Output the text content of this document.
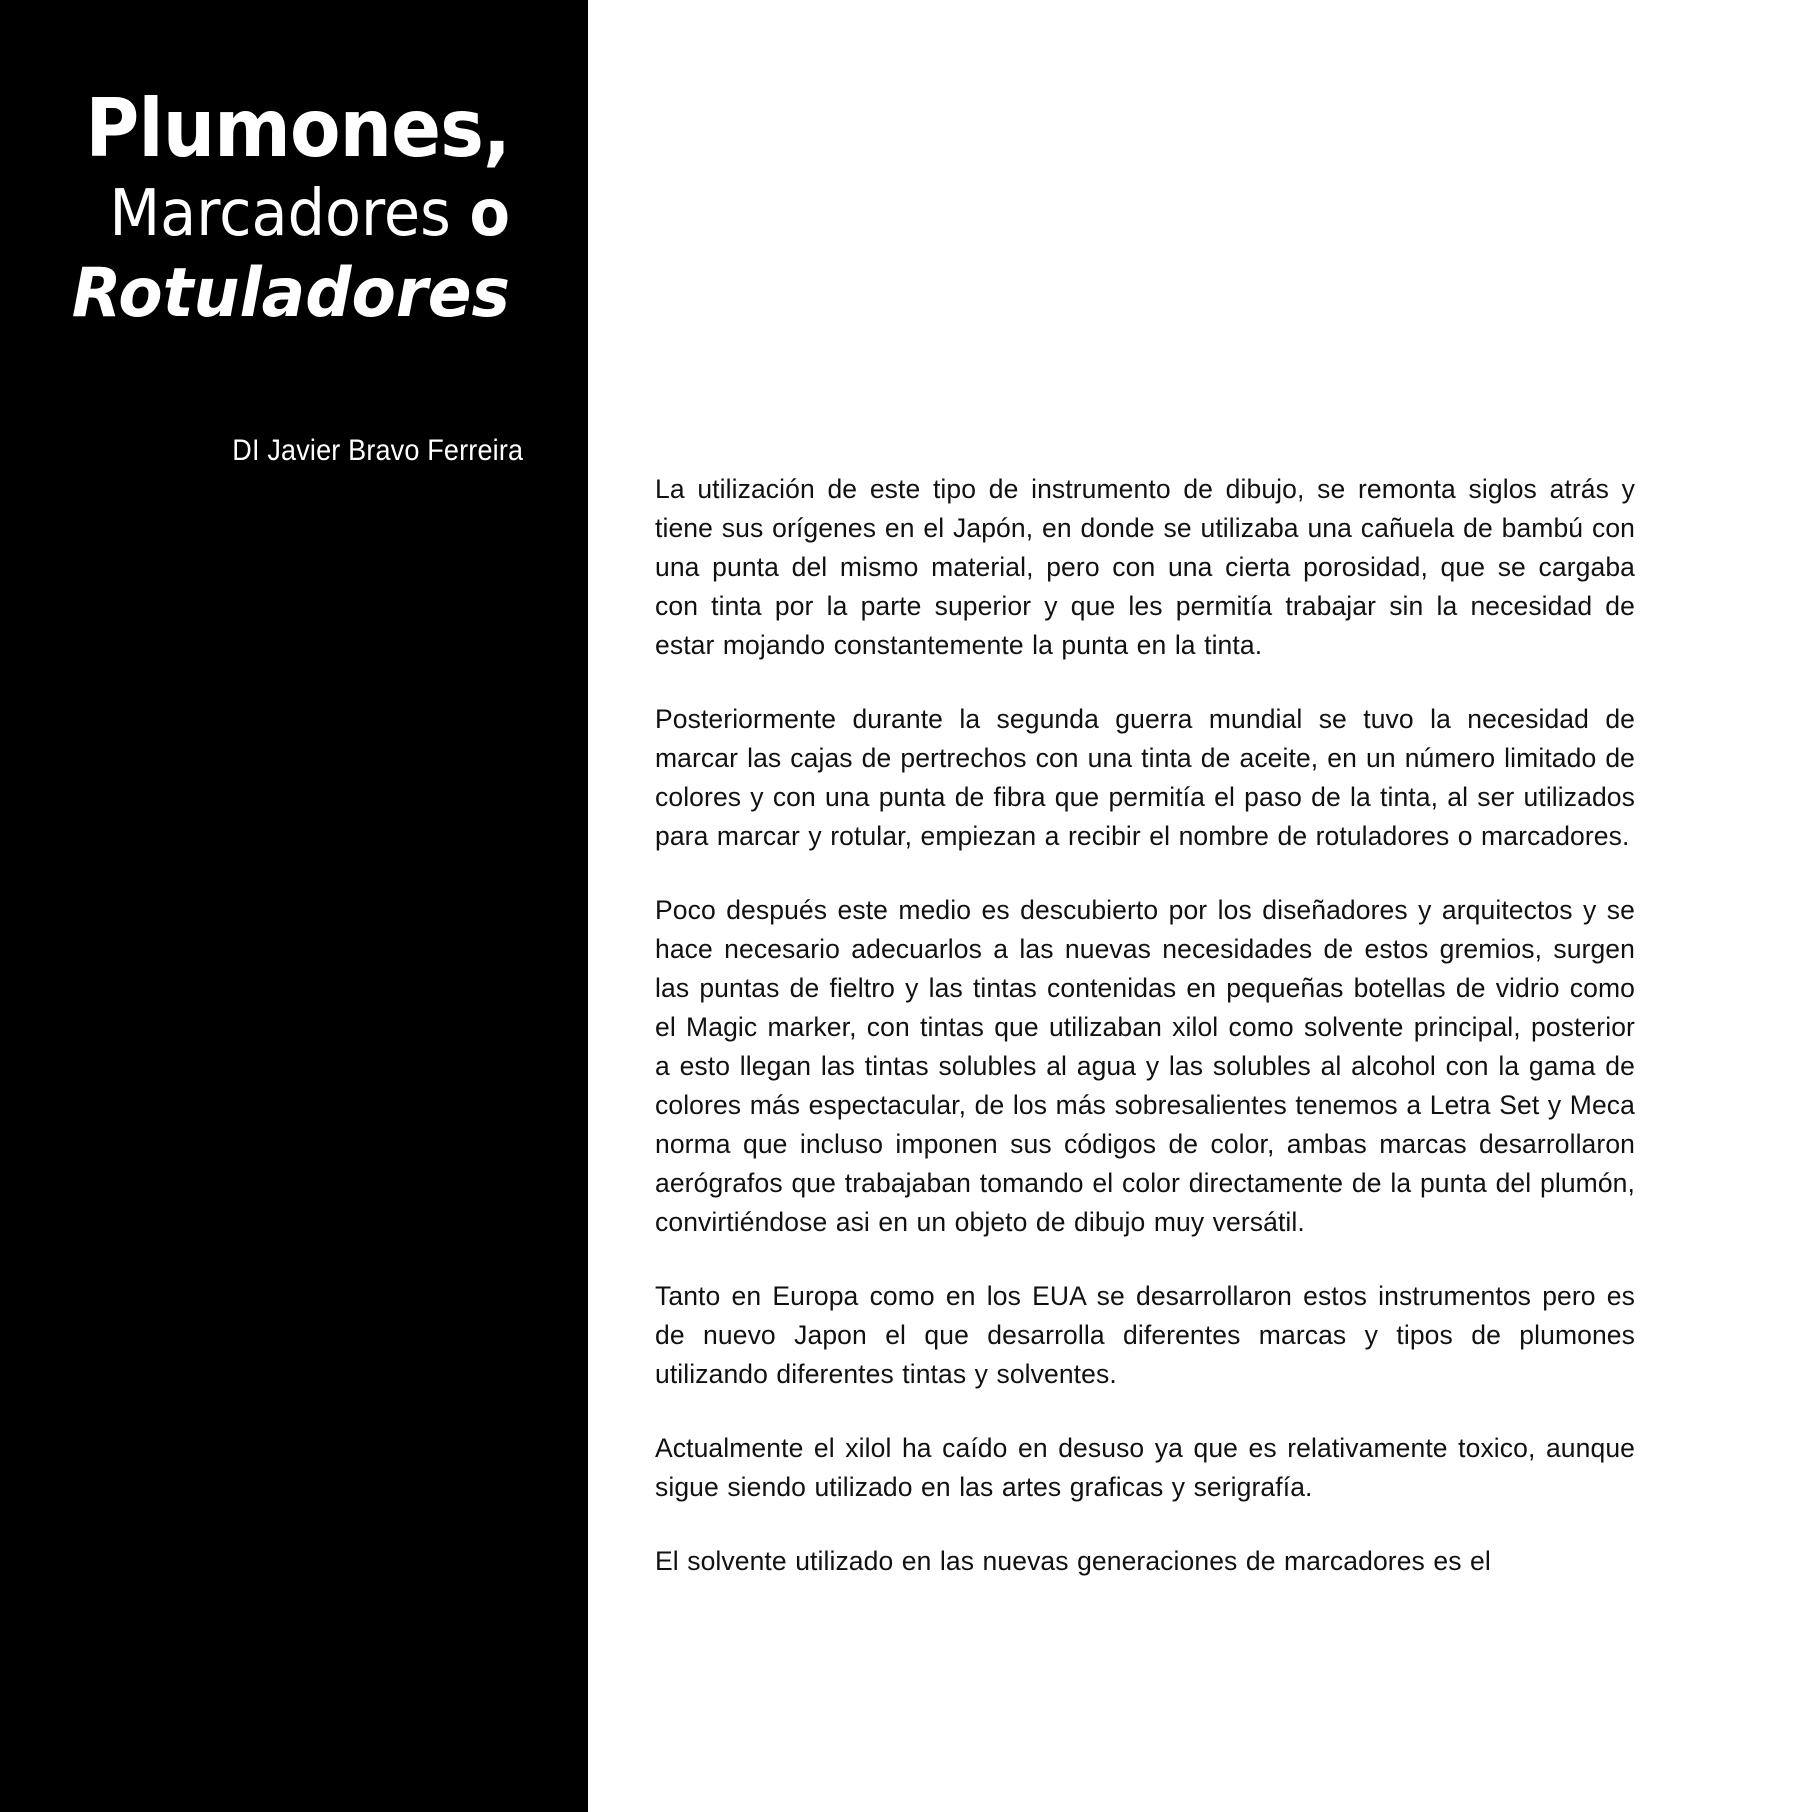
Plumones,
Marcadores o
Rotuladores
DI Javier Bravo Ferreira

La utilización de este tipo de instrumento de dibujo, se remonta siglos atrás y tiene sus orígenes en el Japón, en donde se utilizaba una cañuela de bambú con una punta del mismo material, pero con una cierta porosidad, que se cargaba con tinta por la parte superior y que les permitía trabajar sin la necesidad de estar mojando constantemente la punta en la tinta.

Posteriormente durante la segunda guerra mundial se tuvo la necesidad de marcar las cajas de pertrechos con una tinta de aceite, en un número limitado de colores y con una punta de fibra que permitía el paso de la tinta, al ser utilizados para marcar y rotular, empiezan a recibir el nombre de rotuladores o marcadores.

Poco después este medio es descubierto por los diseñadores y arquitectos y se hace necesario adecuarlos a las nuevas necesidades de estos gremios, surgen las puntas de fieltro y las tintas contenidas en pequeñas botellas de vidrio como el Magic marker, con tintas que utilizaban xilol como solvente principal, posterior a esto llegan las tintas solubles al agua y las solubles al alcohol con la gama de colores más espectacular, de los más sobresalientes tenemos a Letra Set y Meca norma que incluso imponen sus códigos de color, ambas marcas desarrollaron aerógrafos que trabajaban tomando el color directamente de la punta del plumón, convirtiéndose asi en un objeto de dibujo muy versátil.

Tanto en Europa como en los EUA se desarrollaron estos instrumentos pero es de nuevo Japon el que desarrolla diferentes marcas y tipos de plumones utilizando diferentes tintas y solventes.

Actualmente el xilol ha caído en desuso ya que es relativamente toxico, aunque sigue siendo utilizado en las artes graficas y serigrafía.

El solvente utilizado en las nuevas generaciones de marcadores es el
